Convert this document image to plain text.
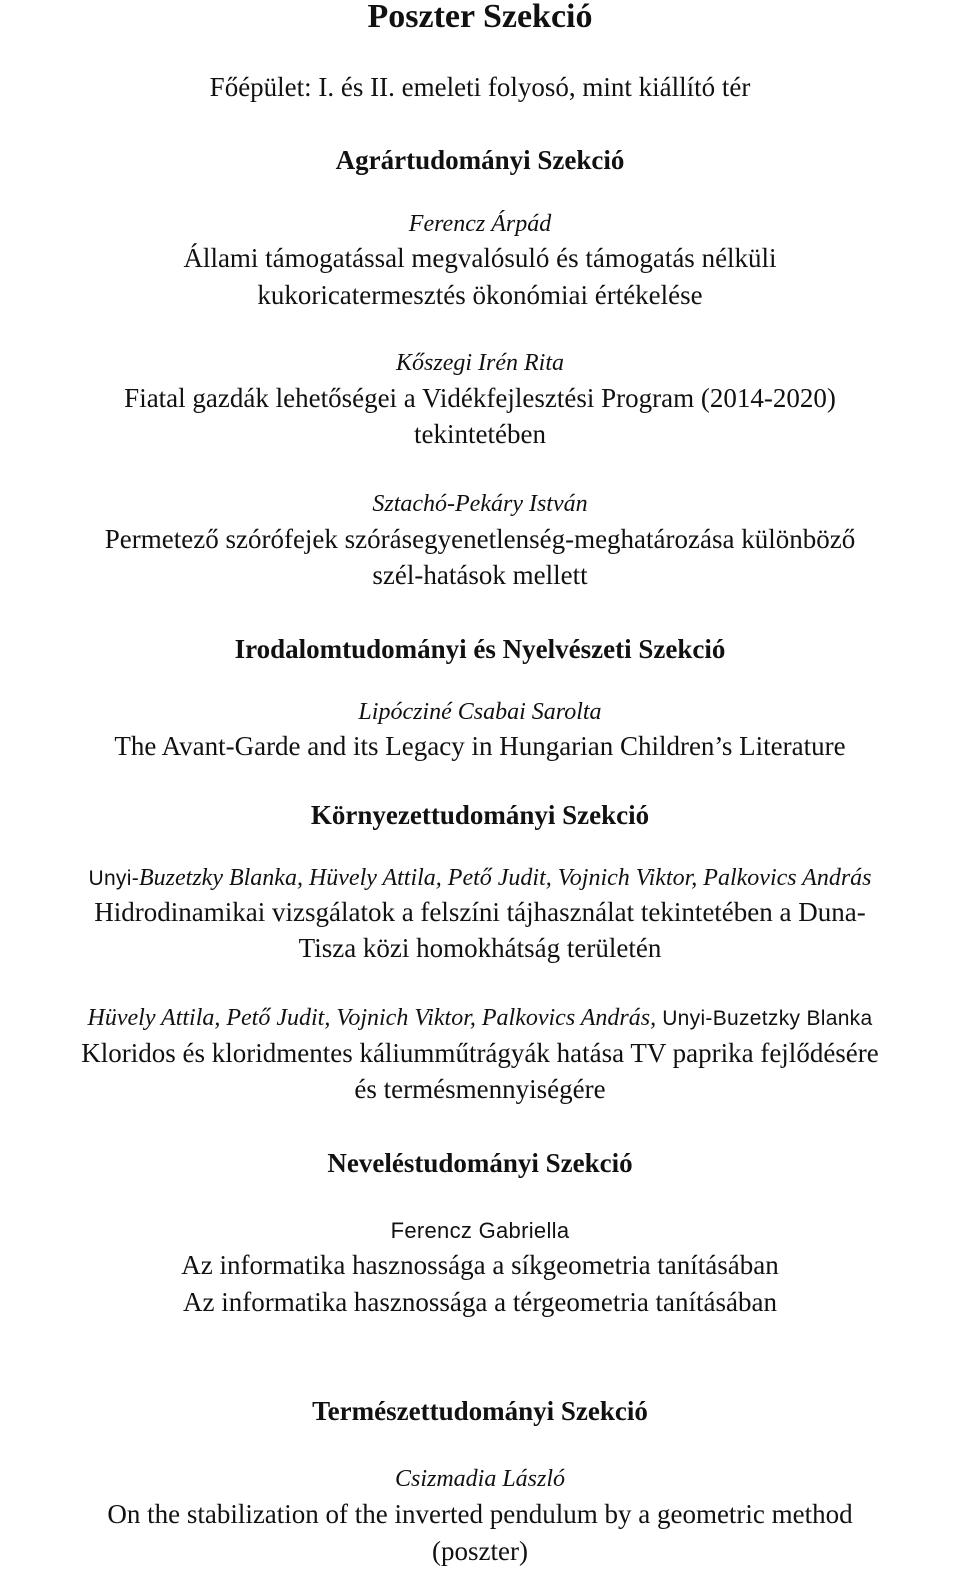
Poszter Szekció
Főépület: I. és II. emeleti folyosó, mint kiállító tér
Agrártudományi Szekció
Ferencz Árpád
Állami támogatással megvalósuló és támogatás nélküli
kukoricatermesztés ökonómiai értékelése
Kőszegi Irén Rita
Fiatal gazdák lehetőségei a Vidékfejlesztési Program (2014-2020)
tekintetében
Sztachó-Pekáry István
Permetező szórófejek szórásegyenetlenség-meghatározása különböző
szél-hatások mellett
Irodalomtudományi és Nyelvészeti Szekció
Lipócziné Csabai Sarolta
The Avant-Garde and its Legacy in Hungarian Children’s Literature
Környezettudományi Szekció
Unyi-Buzetzky Blanka, Hüvely Attila, Pető Judit, Vojnich Viktor, Palkovics András
Hidrodinamikai vizsgálatok a felszíni tájhasználat tekintetében a Duna-
Tisza közi homokhátság területén
Hüvely Attila, Pető Judit, Vojnich Viktor, Palkovics András, Unyi-Buzetzky Blanka
Kloridos és kloridmentes káliumműtrágyák hatása TV paprika fejlődésére
és termésmennyiségére
Neveléstudományi Szekció
Ferencz Gabriella
Az informatika hasznossága a síkgeometria tanításában
Az informatika hasznossága a térgeometria tanításában
Természettudományi Szekció
Csizmadia László
On the stabilization of the inverted pendulum by a geometric method
(poszter)
